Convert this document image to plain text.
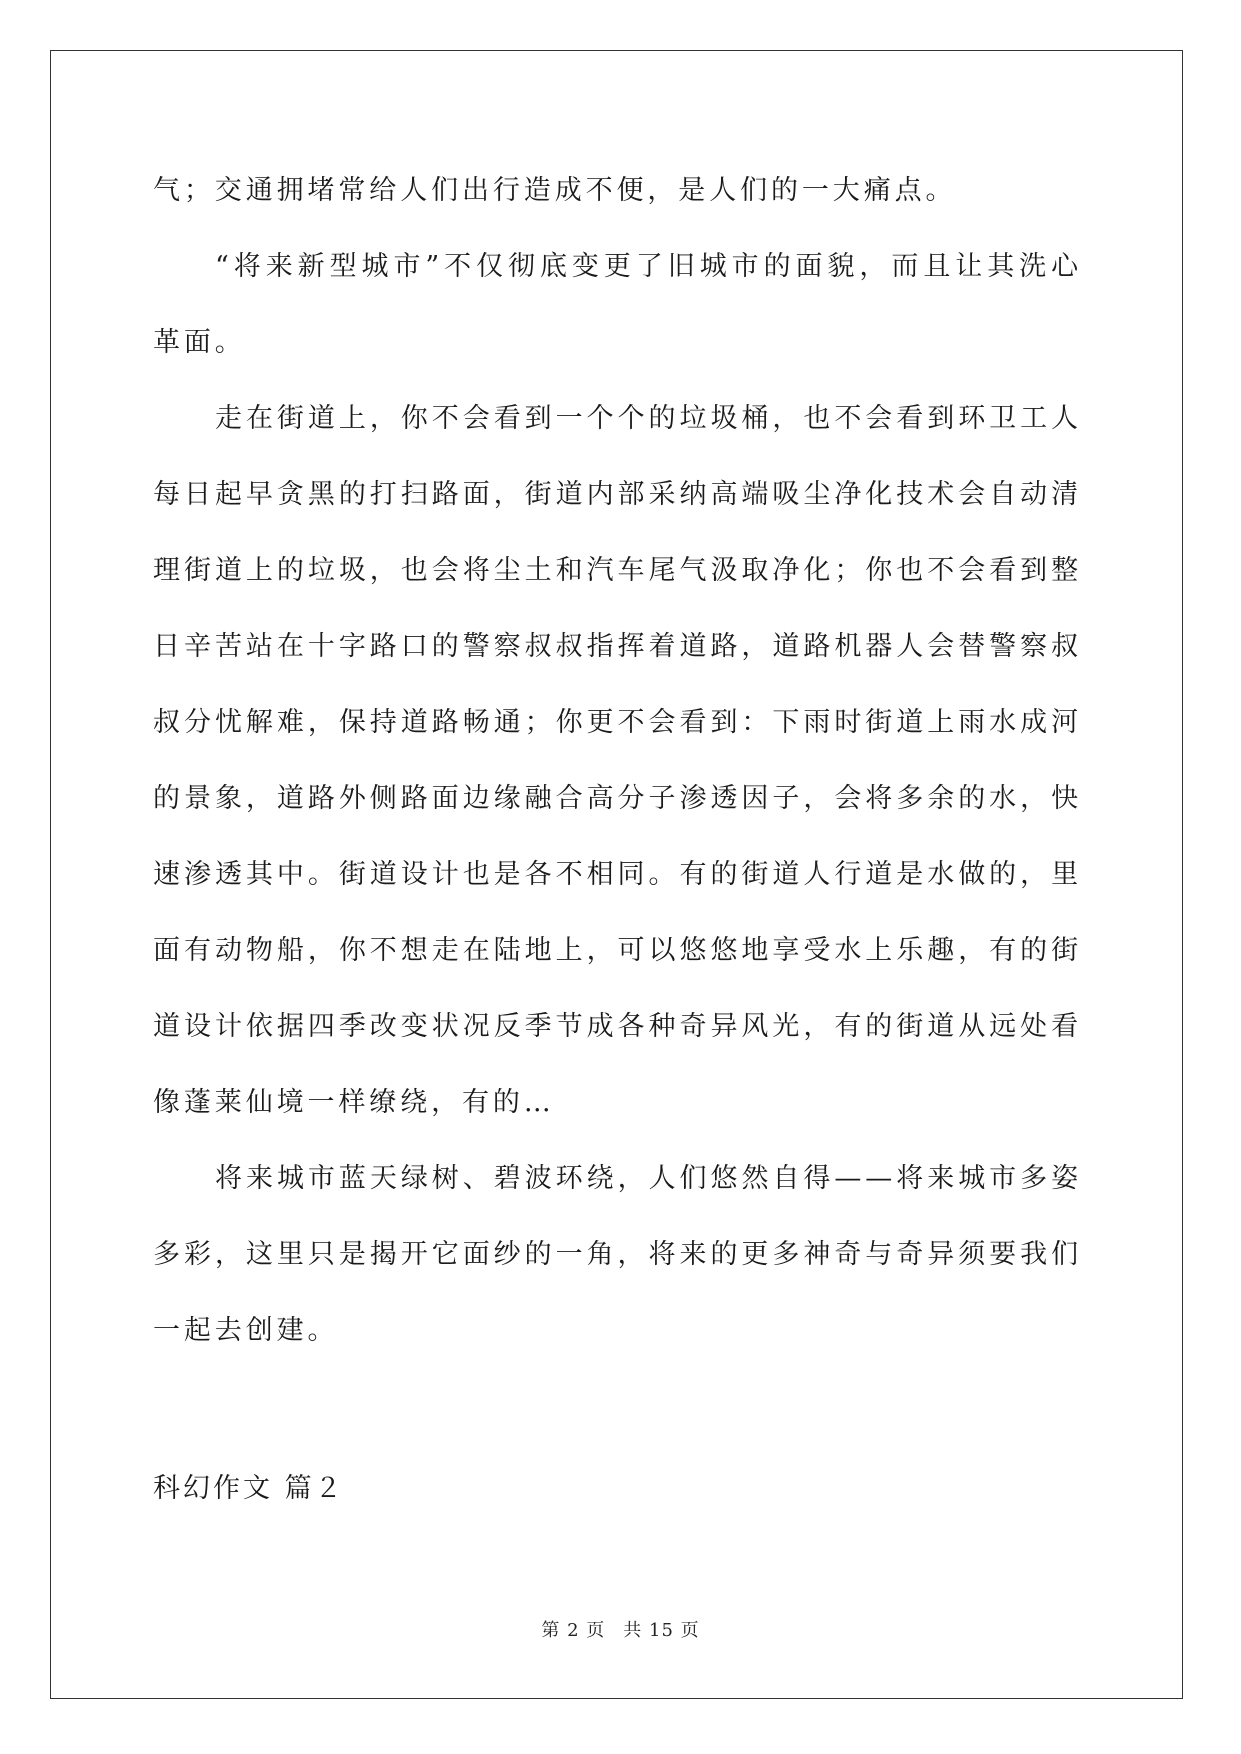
气；交通拥堵常给人们出行造成不便，是人们的一大痛点。

“将来新型城市”不仅彻底变更了旧城市的面貌，而且让其洗心革面。

走在街道上，你不会看到一个个的垃圾桶，也不会看到环卫工人每日起早贪黑的打扫路面，街道内部采纳高端吸尘净化技术会自动清理街道上的垃圾，也会将尘土和汽车尾气汲取净化；你也不会看到整日辛苦站在十字路口的警察叔叔指挥着道路，道路机器人会替警察叔叔分忧解难，保持道路畅通；你更不会看到：下雨时街道上雨水成河的景象，道路外侧路面边缘融合高分子渗透因子，会将多余的水，快速渗透其中。街道设计也是各不相同。有的街道人行道是水做的，里面有动物船，你不想走在陆地上，可以悠悠地享受水上乐趣，有的街道设计依据四季改变状况反季节成各种奇异风光，有的街道从远处看像蓬莱仙境一样缭绕，有的…

将来城市蓝天绿树、碧波环绕，人们悠然自得——将来城市多姿多彩，这里只是揭开它面纱的一角，将来的更多神奇与奇异须要我们一起去创建。

科幻作文 篇２

第 2 页 共 15 页
